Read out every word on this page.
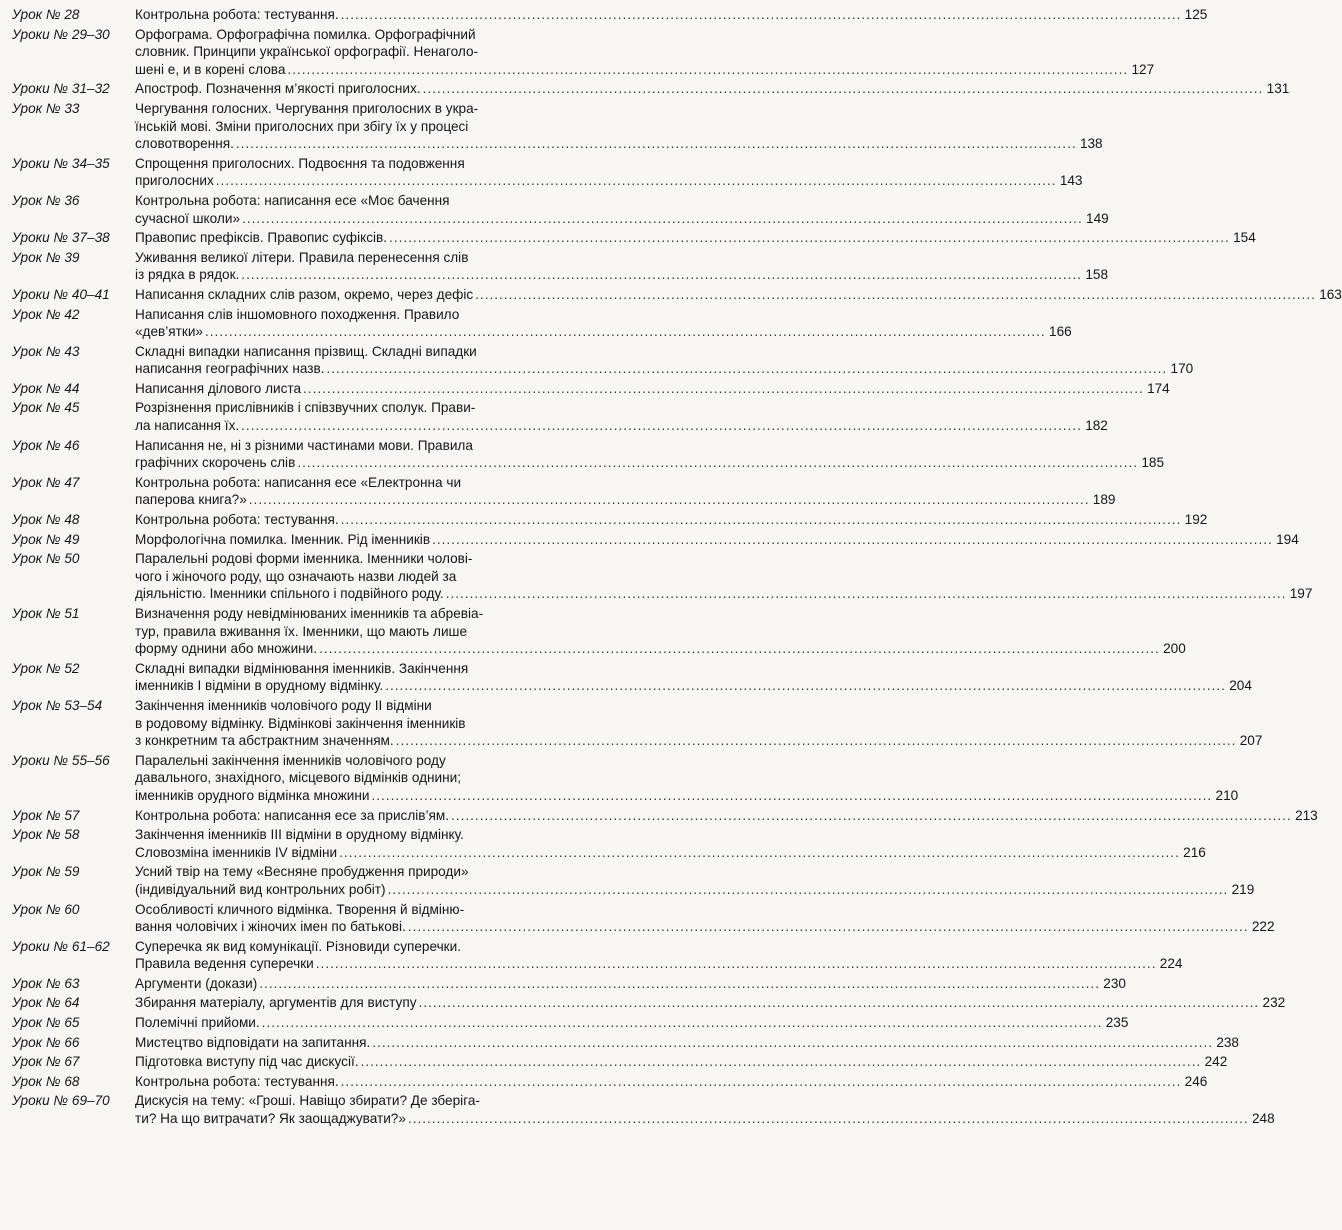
Урок № 28	Контрольна робота: тестування. .....	125
Уроки № 29–30	Орфограма. Орфографічна помилка. Орфографічний
словник. Принципи української орфографії. Ненаголо-
шені е, и в корені слова .....	127
Уроки № 31–32	Апостроф. Позначення м’якості приголосних. .....	131
Урок № 33	Чергування голосних. Чергування приголосних в укра-
їнській мові. Зміни приголосних при збігу їх у процесі
словотворення. .....	138
Уроки № 34–35	Спрощення приголосних. Подвоєння та подовження
приголосних .....	143
Урок № 36	Контрольна робота: написання есе «Моє бачення
сучасної школи» .....	149
Уроки № 37–38	Правопис префіксів. Правопис суфіксів. .....	154
Урок № 39	Уживання великої літери. Правила перенесення слів
із рядка в рядок. .....	158
Уроки № 40–41	Написання складних слів разом, окремо, через дефіс .....	163
Урок № 42	Написання слів іншомовного походження. Правило
«дев’ятки» .....	166
Урок № 43	Складні випадки написання прізвищ. Складні випадки
написання географічних назв. .....	170
Урок № 44	Написання ділового листа .....	174
Урок № 45	Розрізнення прислівників і співзвучних сполук. Прави-
ла написання їх. .....	182
Урок № 46	Написання не, ні з різними частинами мови. Правила
графічних скорочень слів .....	185
Урок № 47	Контрольна робота: написання есе «Електронна чи
паперова книга?» .....	189
Урок № 48	Контрольна робота: тестування. .....	192
Урок № 49	Морфологічна помилка. Іменник. Рід іменників .....	194
Урок № 50	Паралельні родові форми іменника. Іменники чолові-
чого і жіночого роду, що означають назви людей за
діяльністю. Іменники спільного і подвійного роду. .....	197
Урок № 51	Визначення роду невідмінюваних іменників та абревіа-
тур, правила вживання їх. Іменники, що мають лише
форму однини або множини. .....	200
Урок № 52	Складні випадки відмінювання іменників. Закінчення
іменників І відміни в орудному відмінку. .....	204
Урок № 53–54	Закінчення іменників чоловічого роду ІІ відміни
в родовому відмінку. Відмінкові закінчення іменників
з конкретним та абстрактним значенням. .....	207
Уроки № 55–56	Паралельні закінчення іменників чоловічого роду
давального, знахідного, місцевого відмінків однини;
іменників орудного відмінка множини .....	210
Урок № 57	Контрольна робота: написання есе за прислів’ям. .....	213
Урок № 58	Закінчення іменників ІІІ відміни в орудному відмінку.
Словозміна іменників IV відміни .....	216
Урок № 59	Усний твір на тему «Весняне пробудження природи»
(індивідуальний вид контрольних робіт) .....	219
Урок № 60	Особливості кличного відмінка. Творення й відміню-
вання чоловічих і жіночих імен по батькові. .....	222
Уроки № 61–62	Суперечка як вид комунікації. Різновиди суперечки.
Правила ведення суперечки .....	224
Урок № 63	Аргументи (докази) .....	230
Урок № 64	Збирання матеріалу, аргументів для виступу .....	232
Урок № 65	Полемічні прийоми. .....	235
Урок № 66	Мистецтво відповідати на запитання. .....	238
Урок № 67	Підготовка виступу під час дискусії. .....	242
Урок № 68	Контрольна робота: тестування. .....	246
Уроки № 69–70	Дискусія на тему: «Гроші. Навіщо збирати? Де зберіга-
ти? На що витрачати? Як заощаджувати?» .....	248
